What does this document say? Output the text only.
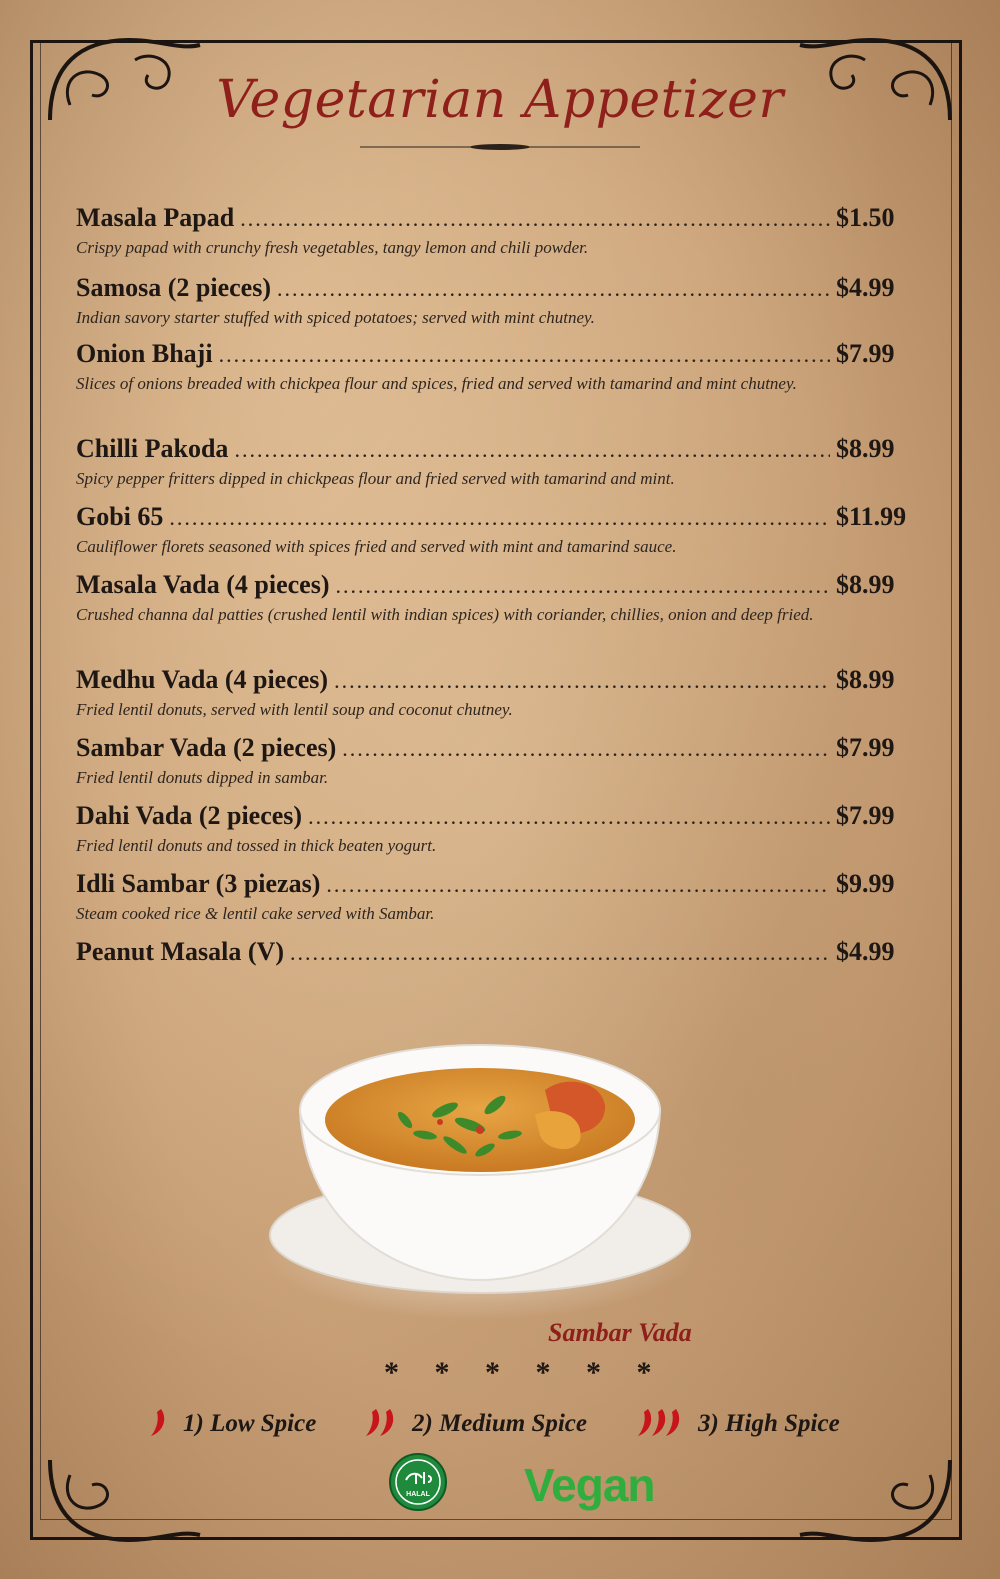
Vegetarian Appetizer
Masala Papad .....	$1.50
Crispy papad with crunchy fresh vegetables, tangy lemon and chili powder.
Samosa (2 pieces) .....	$4.99
Indian savory starter stuffed with spiced potatoes; served with mint chutney.
Onion Bhaji .....	$7.99
Slices of onions breaded with chickpea flour and spices, fried and served with tamarind and mint chutney.
Chilli Pakoda .....	$8.99
Spicy pepper fritters dipped in chickpeas flour and fried served with tamarind and mint.
Gobi 65 .....	$11.99
Cauliflower florets seasoned with spices fried and served with mint and tamarind sauce.
Masala Vada (4 pieces) .....	$8.99
Crushed channa dal patties (crushed lentil with indian spices) with coriander, chillies, onion and deep fried.
Medhu Vada (4 pieces) .....	$8.99
Fried lentil donuts, served with lentil soup and coconut chutney.
Sambar Vada (2 pieces) .....	$7.99
Fried lentil donuts dipped in sambar.
Dahi Vada (2 pieces) .....	$7.99
Fried lentil donuts and tossed in thick beaten yogurt.
Idli Sambar (3 piezas) .....	$9.99
Steam cooked rice & lentil cake served with Sambar.
Peanut Masala (V) .....	$4.99
Sambar Vada
* * * * * *
1) Low Spice	2) Medium Spice	3) High Spice
HALAL Vegan
